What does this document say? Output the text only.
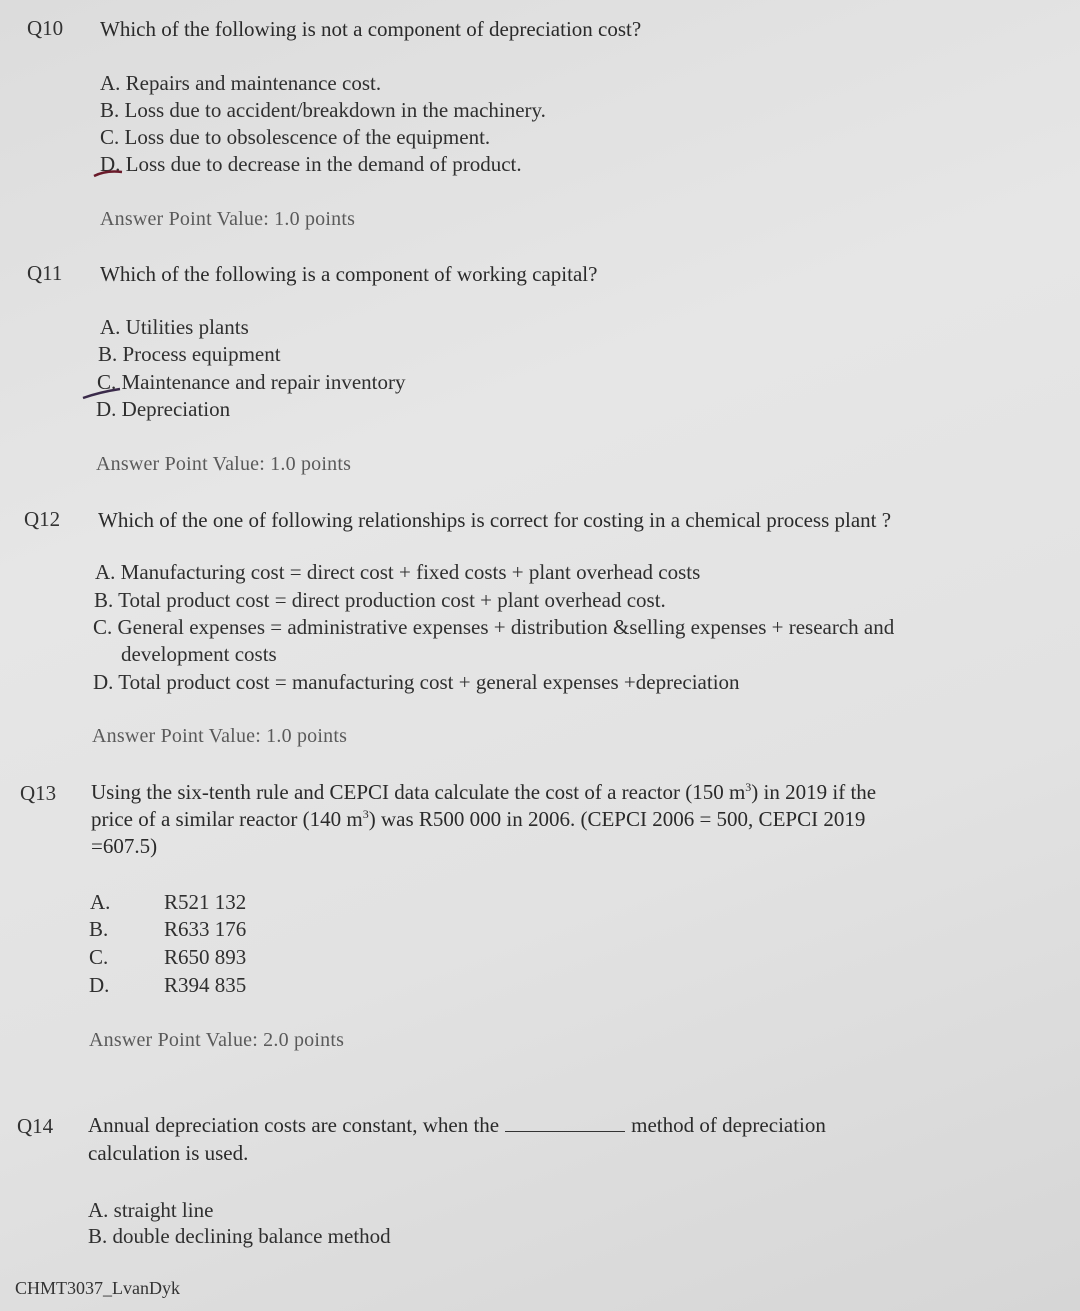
Q10 Which of the following is not a component of depreciation cost?
A. Repairs and maintenance cost.
B. Loss due to accident/breakdown in the machinery.
C. Loss due to obsolescence of the equipment.
D. Loss due to decrease in the demand of product.
Answer Point Value: 1.0 points
Q11 Which of the following is a component of working capital?
A. Utilities plants
B. Process equipment
C. Maintenance and repair inventory
D. Depreciation
Answer Point Value: 1.0 points
Q12 Which of the one of following relationships is correct for costing in a chemical process plant ?
A. Manufacturing cost = direct cost + fixed costs + plant overhead costs
B. Total product cost = direct production cost + plant overhead cost.
C. General expenses = administrative expenses + distribution &selling expenses + research and
development costs
D. Total product cost = manufacturing cost + general expenses +depreciation
Answer Point Value: 1.0 points
Q13 Using the six-tenth rule and CEPCI data calculate the cost of a reactor (150 $m^3$) in 2019 if the
price of a similar reactor (140 $m^3$) was R500 000 in 2006. (CEPCI 2006 = 500, CEPCI 2019
=607.5)
A.	R521 132
B.	R633 176
C.	R650 893
D.	R394 835
Answer Point Value: 2.0 points
Q14 Annual depreciation costs are constant, when the	method of depreciation
calculation is used.
A. straight line
B. double declining balance method
CHMT3037_LvanDyk
